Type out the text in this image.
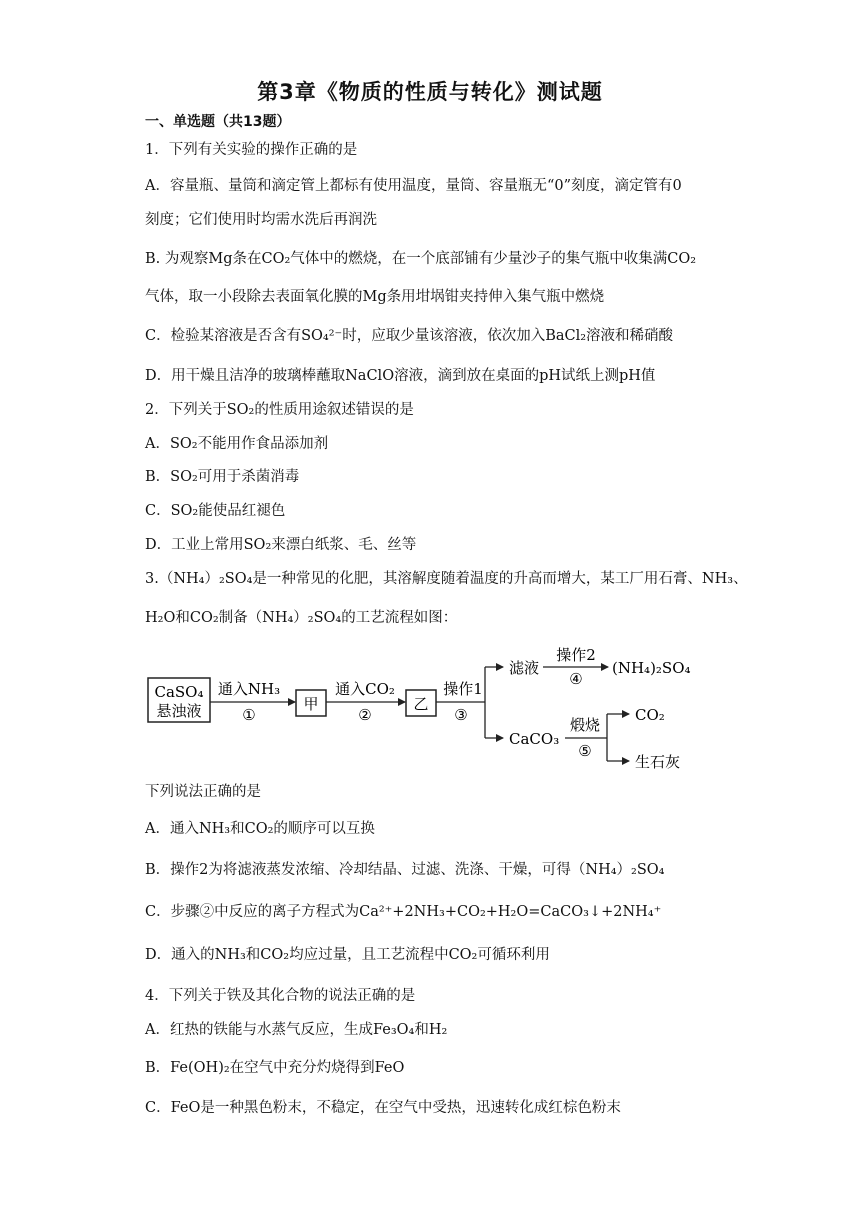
第3章《物质的性质与转化》测试题
一、单选题（共13题）
1．下列有关实验的操作正确的是
A．容量瓶、量筒和滴定管上都标有使用温度，量筒、容量瓶无“0”刻度，滴定管有0
刻度；它们使用时均需水洗后再润洗
B. 为观察Mg条在CO₂气体中的燃烧，在一个底部铺有少量沙子的集气瓶中收集满CO₂
气体，取一小段除去表面氧化膜的Mg条用坩埚钳夹持伸入集气瓶中燃烧
C．检验某溶液是否含有SO₄²⁻时，应取少量该溶液，依次加入BaCl₂溶液和稀硝酸
D．用干燥且洁净的玻璃棒蘸取NaClO溶液，滴到放在桌面的pH试纸上测pH值
2．下列关于SO₂的性质用途叙述错误的是
A．SO₂不能用作食品添加剂
B．SO₂可用于杀菌消毒
C．SO₂能使品红褪色
D．工业上常用SO₂来漂白纸浆、毛、丝等
3.（NH₄）₂SO₄是一种常见的化肥，其溶解度随着温度的升高而增大，某工厂用石膏、NH₃、
H₂O和CO₂制备（NH₄）₂SO₄的工艺流程如图：
CaSO₄
悬浊液
通入NH₃
①
甲
通入CO₂
②
乙
操作1
③
滤液
操作2
④
(NH₄)₂SO₄
CaCO₃
煅烧
⑤
CO₂
生石灰
下列说法正确的是
A．通入NH₃和CO₂的顺序可以互换
B．操作2为将滤液蒸发浓缩、冷却结晶、过滤、洗涤、干燥，可得（NH₄）₂SO₄
C．步骤②中反应的离子方程式为Ca²⁺+2NH₃+CO₂+H₂O=CaCO₃↓+2NH₄⁺
D．通入的NH₃和CO₂均应过量，且工艺流程中CO₂可循环利用
4．下列关于铁及其化合物的说法正确的是
A．红热的铁能与水蒸气反应，生成Fe₃O₄和H₂
B．Fe(OH)₂在空气中充分灼烧得到FeO
C．FeO是一种黑色粉末，不稳定，在空气中受热，迅速转化成红棕色粉末
